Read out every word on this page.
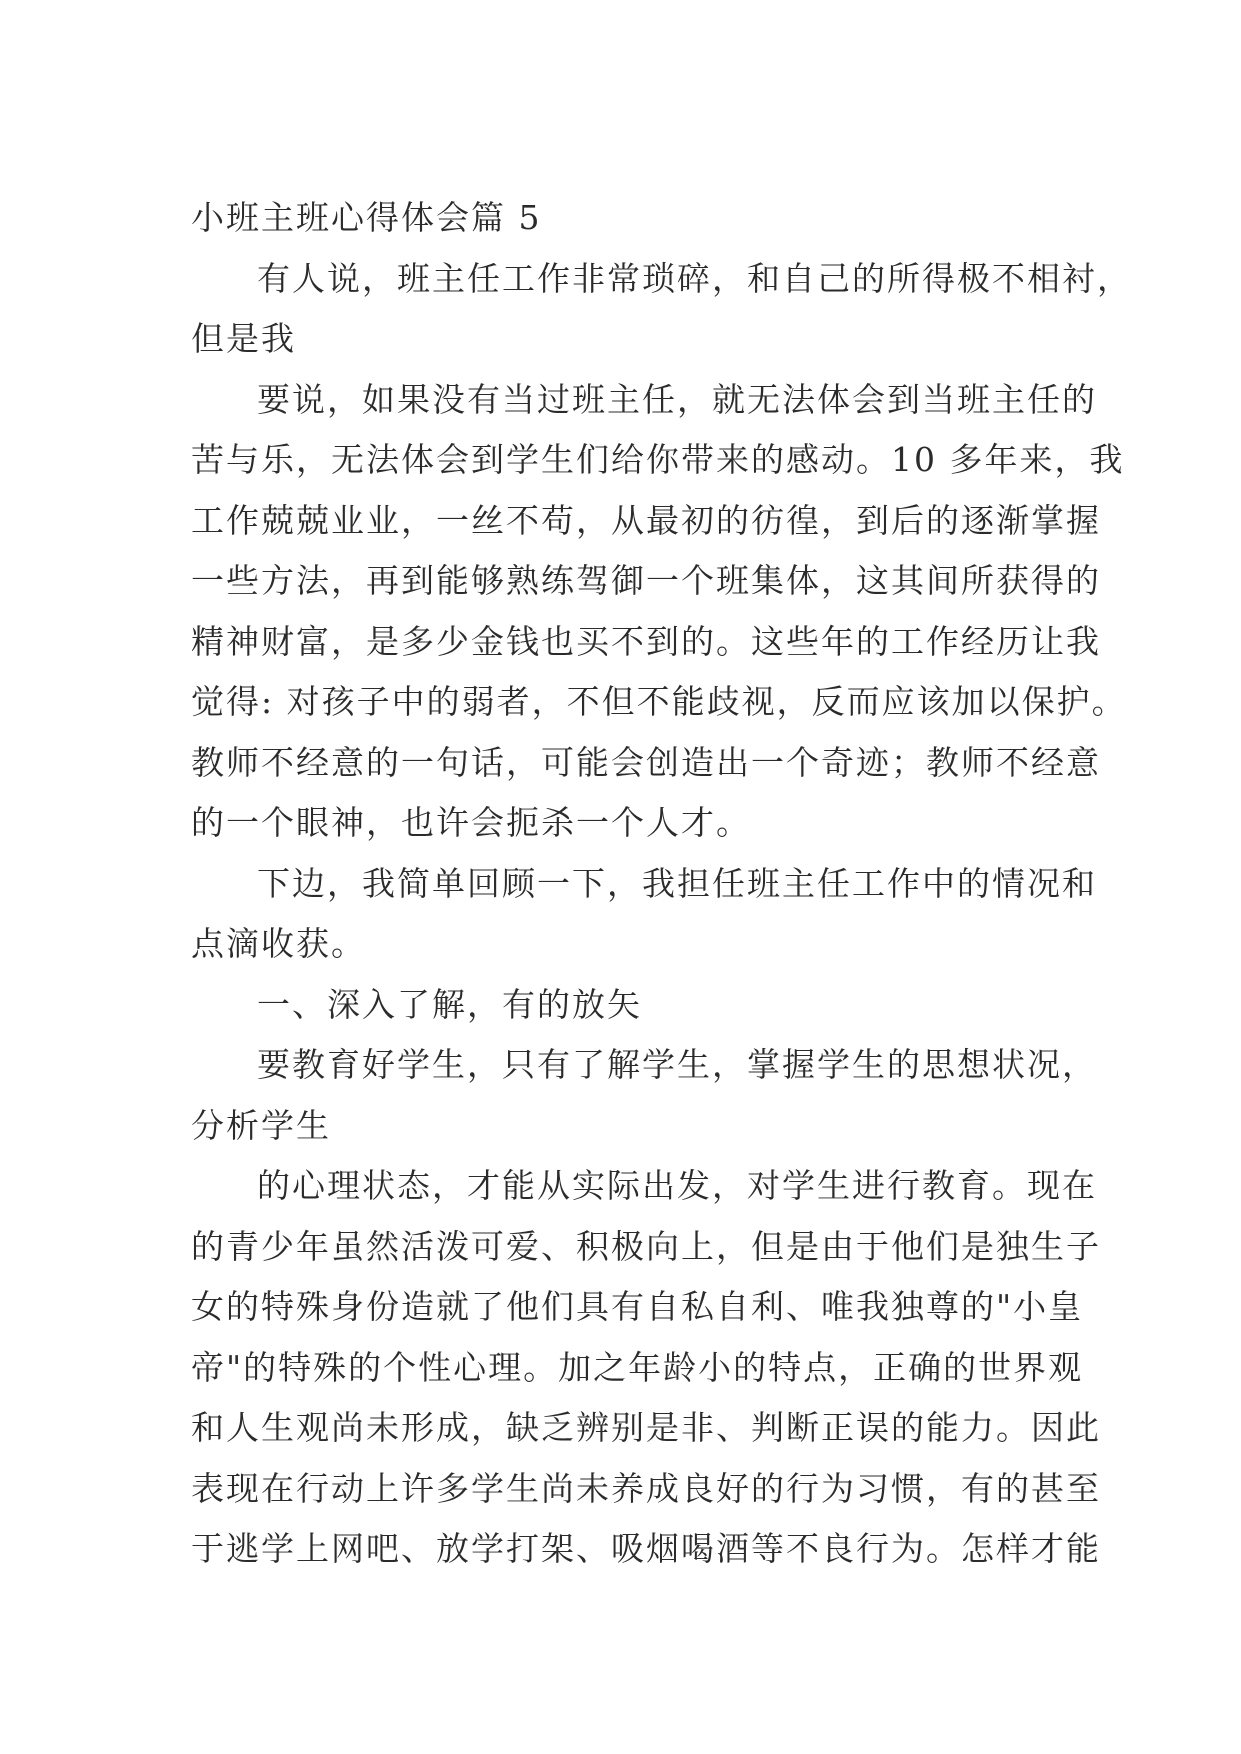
小班主班心得体会篇 5

有人说，班主任工作非常琐碎，和自己的所得极不相衬，
但是我

要说，如果没有当过班主任，就无法体会到当班主任的
苦与乐，无法体会到学生们给你带来的感动。10 多年来，我
工作兢兢业业，一丝不苟，从最初的彷徨，到后的逐渐掌握
一些方法，再到能够熟练驾御一个班集体，这其间所获得的
精神财富，是多少金钱也买不到的。这些年的工作经历让我
觉得: 对孩子中的弱者，不但不能歧视，反而应该加以保护。
教师不经意的一句话，可能会创造出一个奇迹；教师不经意
的一个眼神，也许会扼杀一个人才。

下边，我简单回顾一下，我担任班主任工作中的情况和
点滴收获。

一、深入了解，有的放矢

要教育好学生，只有了解学生，掌握学生的思想状况，
分析学生

的心理状态，才能从实际出发，对学生进行教育。现在
的青少年虽然活泼可爱、积极向上，但是由于他们是独生子
女的特殊身份造就了他们具有自私自利、唯我独尊的"小皇
帝"的特殊的个性心理。加之年龄小的特点，正确的世界观
和人生观尚未形成，缺乏辨别是非、判断正误的能力。因此
表现在行动上许多学生尚未养成良好的行为习惯，有的甚至
于逃学上网吧、放学打架、吸烟喝酒等不良行为。怎样才能
